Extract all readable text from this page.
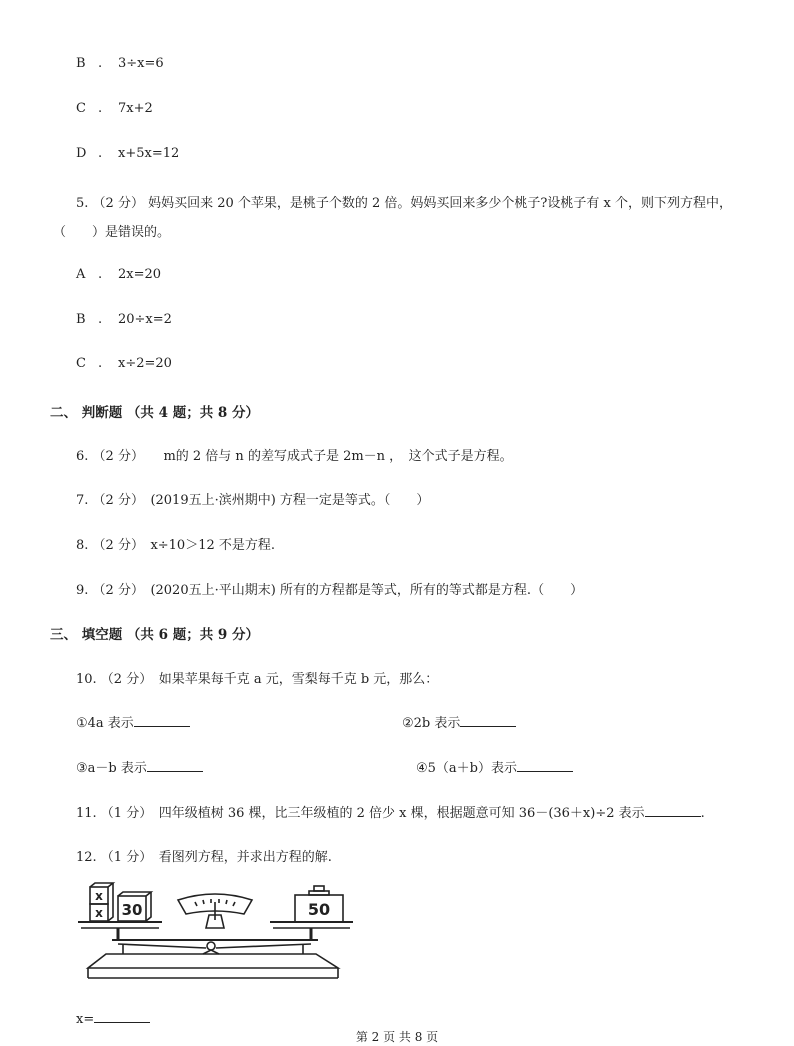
B . 3÷x=6
C . 7x+2
D . x+5x=12
5. （2 分） 妈妈买回来 20 个苹果，是桃子个数的 2 倍。妈妈买回来多少个桃子?设桃子有 x 个，则下列方程中，
（　　）是错误的。
A . 2x=20
B . 20÷x=2
C . x÷2=20
二、 判断题 （共 4 题；共 8 分）
6. （2 分）　　m的 2 倍与 n 的差写成式子是 2m－n ，　这个式子是方程。
7. （2 分）　(2019五上·滨州期中) 方程一定是等式。（　　）
8. （2 分）　x÷10＞12 不是方程.
9. （2 分）　(2020五上·平山期末) 所有的方程都是等式，所有的等式都是方程.（　　）
三、 填空题 （共 6 题；共 9 分）
10. （2 分）　如果苹果每千克 a 元，雪梨每千克 b 元，那么：
①4a 表示	②2b 表示
③a－b 表示	④5（a＋b）表示
11. （1 分）　四年级植树 36 棵，比三年级植的 2 倍少 x 棵，根据题意可知 36－(36＋x)÷2 表示	.
12. （1 分）　看图列方程，并求出方程的解.
x
x 30	50
x=
第 2 页 共 8 页
